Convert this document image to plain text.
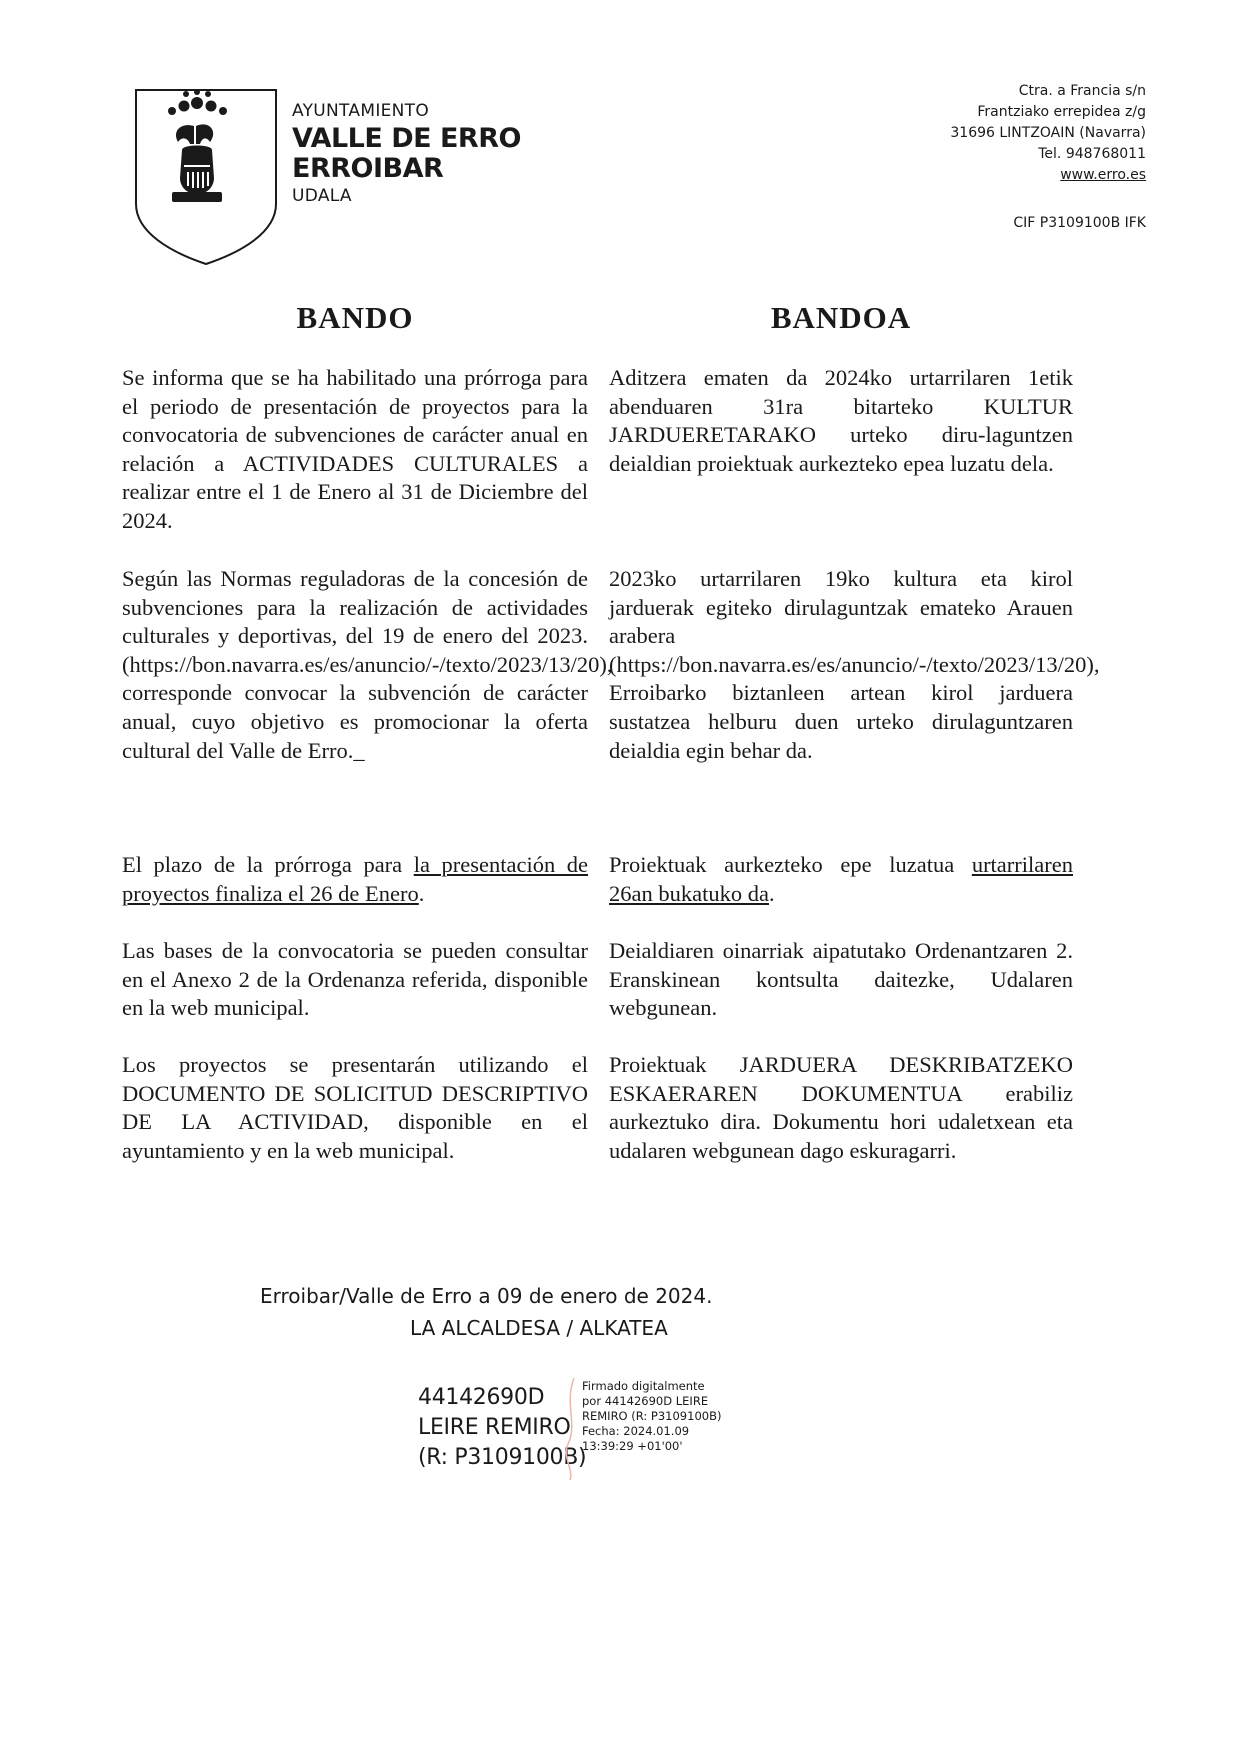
AYUNTAMIENTO
VALLE DE ERRO
ERROIBAR
UDALA
Ctra. a Francia s/n
Frantziako errepidea z/g
31696 LINTZOAIN (Navarra)
Tel. 948768011
www.erro.es
CIF P3109100B IFK
BANDO	BANDOA
Se informa que se ha habilitado una prórroga para el periodo de presentación de proyectos para la convocatoria de subvenciones de carácter anual en relación a ACTIVIDADES CULTURALES a realizar entre el 1 de Enero al 31 de Diciembre del 2024.
Según las Normas reguladoras de la concesión de subvenciones para la realización de actividades culturales y deportivas, del 19 de enero del 2023. (https://bon.navarra.es/es/anuncio/-/texto/2023/13/20), corresponde convocar la subvención de carácter anual, cuyo objetivo es promocionar la oferta cultural del Valle de Erro._
El plazo de la prórroga para la presentación de proyectos finaliza el 26 de Enero.
Las bases de la convocatoria se pueden consultar en el Anexo 2 de la Ordenanza referida, disponible en la web municipal.
Los proyectos se presentarán utilizando el DOCUMENTO DE SOLICITUD DESCRIPTIVO DE LA ACTIVIDAD, disponible en el ayuntamiento y en la web municipal.
Aditzera ematen da 2024ko urtarrilaren 1etik abenduaren 31ra bitarteko KULTUR JARDUERETARAKO urteko diru-laguntzen deialdian proiektuak aurkezteko epea luzatu dela.
2023ko urtarrilaren 19ko kultura eta kirol jarduerak egiteko dirulaguntzak emateko Arauen arabera (https://bon.navarra.es/es/anuncio/-/texto/2023/13/20), Erroibarko biztanleen artean kirol jarduera sustatzea helburu duen urteko dirulaguntzaren deialdia egin behar da.
Proiektuak aurkezteko epe luzatua urtarrilaren 26an bukatuko da.
Deialdiaren oinarriak aipatutako Ordenantzaren 2. Eranskinean kontsulta daitezke, Udalaren webgunean.
Proiektuak JARDUERA DESKRIBATZEKO ESKAERAREN DOKUMENTUA erabiliz aurkeztuko dira. Dokumentu hori udaletxean eta udalaren webgunean dago eskuragarri.
Erroibar/Valle de Erro a 09 de enero de 2024.
LA ALCALDESA / ALKATEA
44142690D
LEIRE REMIRO
(R: P3109100B)
Firmado digitalmente
por 44142690D LEIRE
REMIRO (R: P3109100B)
Fecha: 2024.01.09
13:39:29 +01'00'
